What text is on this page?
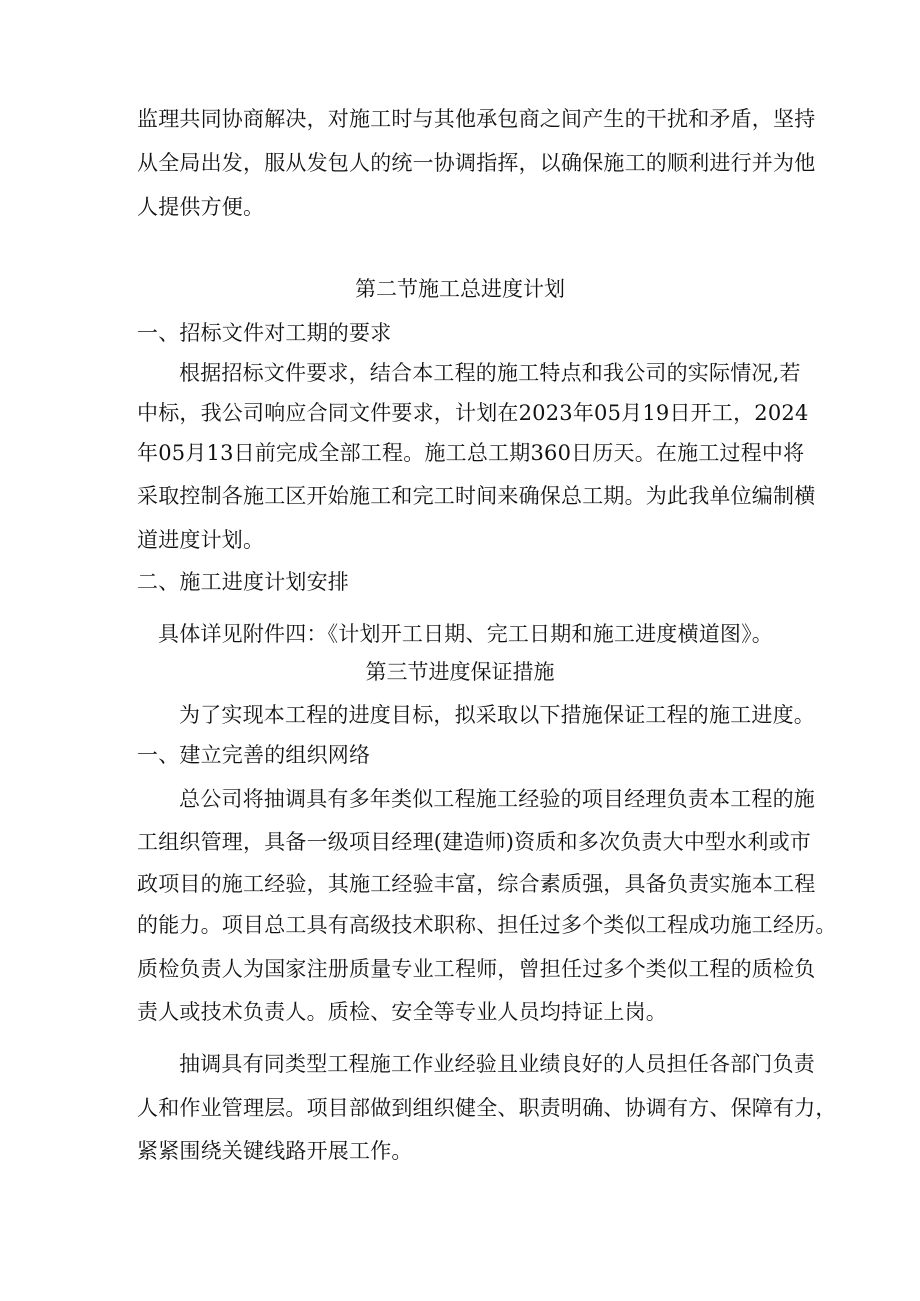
监理共同协商解决，对施工时与其他承包商之间产生的干扰和矛盾，坚持
从全局出发，服从发包人的统一协调指挥，以确保施工的顺利进行并为他
人提供方便。
第二节施工总进度计划
一、招标文件对工期的要求
根据招标文件要求，结合本工程的施工特点和我公司的实际情况,若
中标，我公司响应合同文件要求，计划在2023年05月19日开工，2024
年05月13日前完成全部工程。施工总工期360日历天。在施工过程中将
采取控制各施工区开始施工和完工时间来确保总工期。为此我单位编制横
道进度计划。
二、施工进度计划安排
具体详见附件四：《计划开工日期、完工日期和施工进度横道图》。
第三节进度保证措施
为了实现本工程的进度目标，拟采取以下措施保证工程的施工进度。
一、建立完善的组织网络
总公司将抽调具有多年类似工程施工经验的项目经理负责本工程的施
工组织管理，具备一级项目经理(建造师)资质和多次负责大中型水利或市
政项目的施工经验，其施工经验丰富，综合素质强，具备负责实施本工程
的能力。项目总工具有高级技术职称、担任过多个类似工程成功施工经历。
质检负责人为国家注册质量专业工程师，曾担任过多个类似工程的质检负
责人或技术负责人。质检、安全等专业人员均持证上岗。
抽调具有同类型工程施工作业经验且业绩良好的人员担任各部门负责
人和作业管理层。项目部做到组织健全、职责明确、协调有方、保障有力，
紧紧围绕关键线路开展工作。
